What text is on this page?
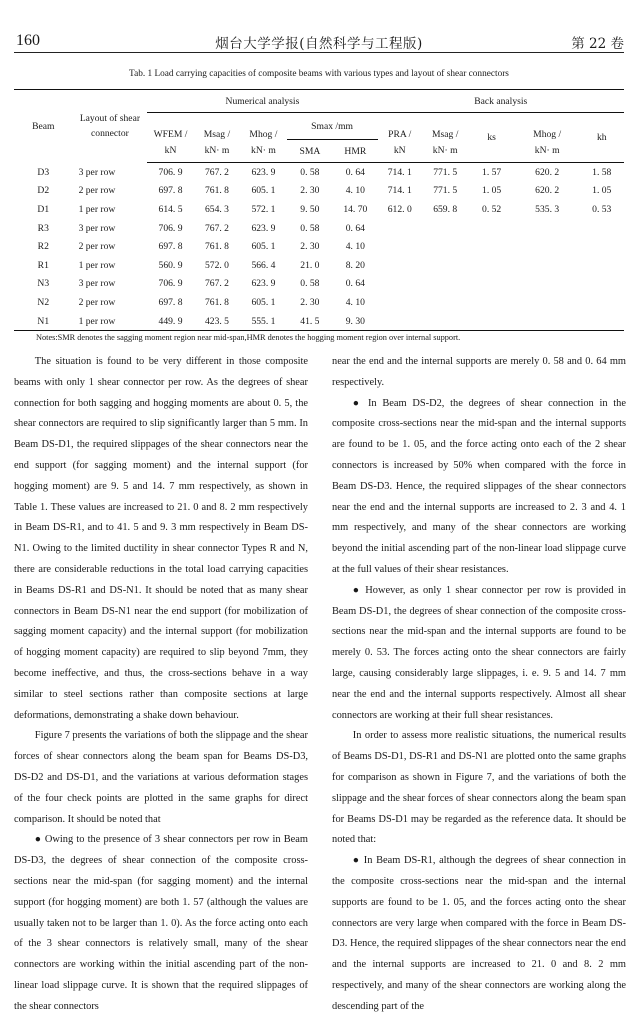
160	烟台大学学报(自然科学与工程版)	第 22 卷
Tab. 1 Load carrying capacities of composite beams with various types and layout of shear connectors
Beam	Layout of shear connector	Numerical analysis					Back analysis				
		WFEM /	Msag /	Mhog /	Smax /mm		PRA /	Msag /	ks	Mhog /	kh
		kN	kN· m	kN· m	SMA	HMR	kN	kN· m		kN· m	
D3	3 per row	706. 9	767. 2	623. 9	0. 58	0. 64	714. 1	771. 5	1. 57	620. 2	1. 58
D2	2 per row	697. 8	761. 8	605. 1	2. 30	4. 10	714. 1	771. 5	1. 05	620. 2	1. 05
D1	1 per row	614. 5	654. 3	572. 1	9. 50	14. 70	612. 0	659. 8	0. 52	535. 3	0. 53
R3	3 per row	706. 9	767. 2	623. 9	0. 58	0. 64					
R2	2 per row	697. 8	761. 8	605. 1	2. 30	4. 10					
R1	1 per row	560. 9	572. 0	566. 4	21. 0	8. 20					
N3	3 per row	706. 9	767. 2	623. 9	0. 58	0. 64					
N2	2 per row	697. 8	761. 8	605. 1	2. 30	4. 10					
N1	1 per row	449. 9	423. 5	555. 1	41. 5	9. 30					
Notes:SMR denotes the sagging moment region near mid-span,HMR denotes the hogging moment region over internal support.

The situation is found to be very different in those composite beams with only 1 shear connector per row. As the degrees of shear connection for both sagging and hogging moments are about 0. 5, the shear connectors are required to slip significantly larger than 5 mm. In Beam DS-D1, the required slippages of the shear connectors near the end support (for sagging moment) and the internal support (for hogging moment) are 9. 5 and 14. 7 mm respectively, as shown in Table 1. These values are increased to 21. 0 and 8. 2 mm respectively in Beam DS-R1, and to 41. 5 and 9. 3 mm respectively in Beam DS-N1. Owing to the limited ductility in shear connector Types R and N, there are considerable reductions in the total load carrying capacities in Beams DS-R1 and DS-N1. It should be noted that as many shear connectors in Beam DS-N1 near the end support (for mobilization of sagging moment capacity) and the internal support (for mobilization of hogging moment capacity) are required to slip beyond 7mm, they become ineffective, and thus, the cross-sections behave in a way similar to steel sections rather than composite sections at large deformations, demonstrating a shake down behaviour.

Figure 7 presents the variations of both the slippage and the shear forces of shear connectors along the beam span for Beams DS-D3, DS-D2 and DS-D1, and the variations at various deformation stages of the four check points are plotted in the same graphs for direct comparison. It should be noted that

● Owing to the presence of 3 shear connectors per row in Beam DS-D3, the degrees of shear connection of the composite cross-sections near the mid-span (for sagging moment) and the internal support (for hogging moment) are both 1. 57 (although the values are usually taken not to be larger than 1. 0). As the force acting onto each of the 3 shear connectors is relatively small, many of the shear connectors are working within the initial ascending part of the non-linear load slippage curve. It is shown that the required slippages of the shear connectors

near the end and the internal supports are merely 0. 58 and 0. 64 mm respectively.

● In Beam DS-D2, the degrees of shear connection in the composite cross-sections near the mid-span and the internal supports are found to be 1. 05, and the force acting onto each of the 2 shear connectors is increased by 50% when compared with the force in Beam DS-D3. Hence, the required slippages of the shear connectors near the end and the internal supports are increased to 2. 3 and 4. 1 mm respectively, and many of the shear connectors are working beyond the initial ascending part of the non-linear load slippage curve at the full values of their shear resistances.

● However, as only 1 shear connector per row is provided in Beam DS-D1, the degrees of shear connection of the composite cross-sections near the mid-span and the internal supports are found to be merely 0. 53. The forces acting onto the shear connectors are fairly large, causing considerably large slippages, i. e. 9. 5 and 14. 7 mm near the end and the internal supports respectively. Almost all shear connectors are working at their full shear resistances.

In order to assess more realistic situations, the numerical results of Beams DS-D1, DS-R1 and DS-N1 are plotted onto the same graphs for comparison as shown in Figure 7, and the variations of both the slippage and the shear forces of shear connectors along the beam span for Beams DS-D1 may be regarded as the reference data. It should be noted that:

● In Beam DS-R1, although the degrees of shear connection in the composite cross-sections near the mid-span and the internal supports are found to be 1. 05, and the forces acting onto the shear connectors are very large when compared with the force in Beam DS-D3. Hence, the required slippages of the shear connectors near the end and the internal supports are increased to 21. 0 and 8. 2 mm respectively, and many of the shear connectors are working along the descending part of the
